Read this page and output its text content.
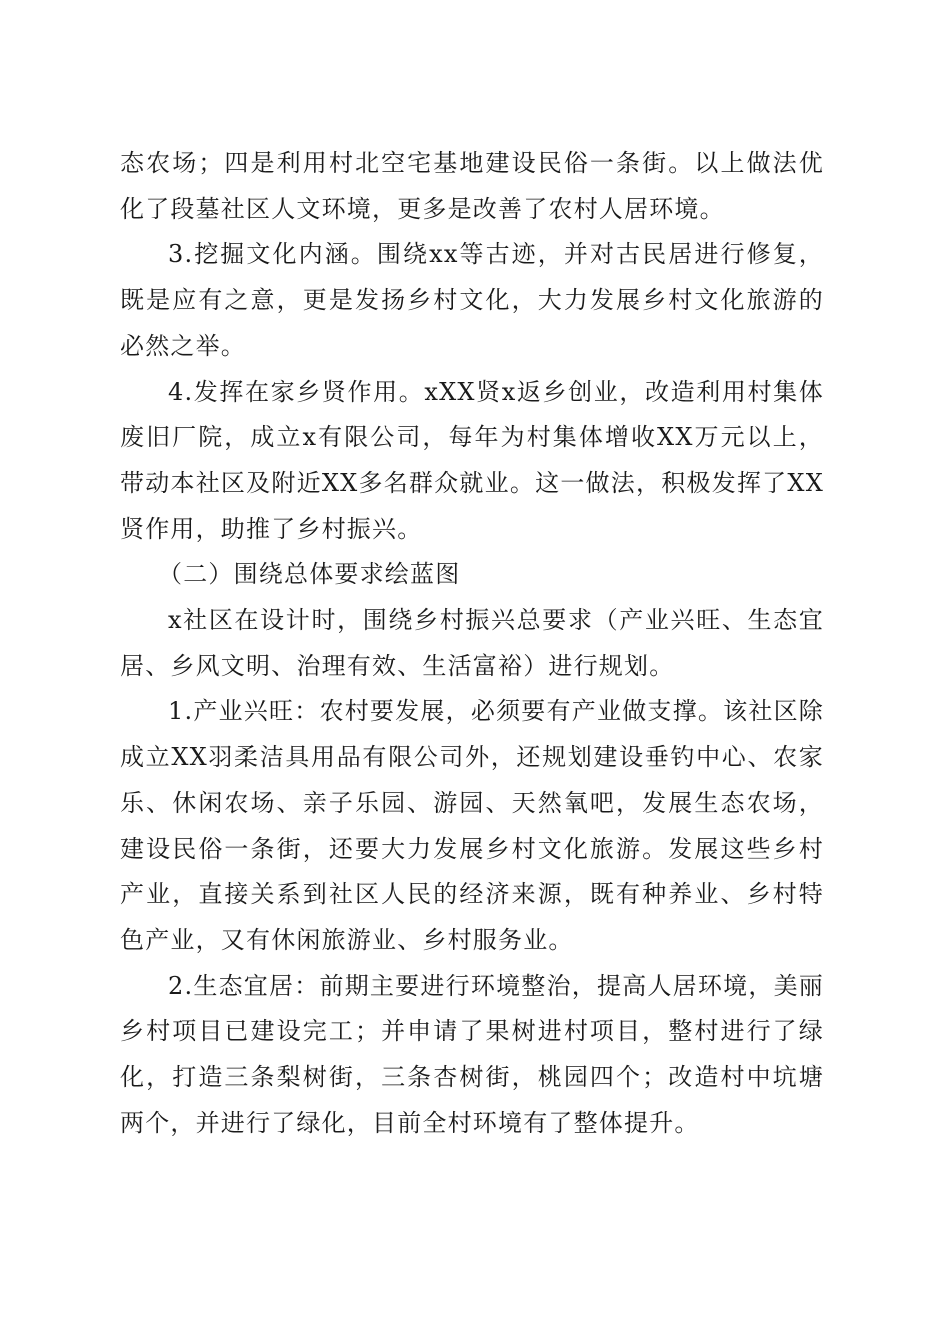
态农场；四是利用村北空宅基地建设民俗一条街。以上做法优化了段墓社区人文环境，更多是改善了农村人居环境。

3.挖掘文化内涵。围绕xx等古迹，并对古民居进行修复，既是应有之意，更是发扬乡村文化，大力发展乡村文化旅游的必然之举。

4.发挥在家乡贤作用。xXX贤x返乡创业，改造利用村集体废旧厂院，成立x有限公司，每年为村集体增收XX万元以上，带动本社区及附近XX多名群众就业。这一做法，积极发挥了XX贤作用，助推了乡村振兴。

（二）围绕总体要求绘蓝图

x社区在设计时，围绕乡村振兴总要求（产业兴旺、生态宜居、乡风文明、治理有效、生活富裕）进行规划。

1.产业兴旺：农村要发展，必须要有产业做支撑。该社区除成立XX羽柔洁具用品有限公司外，还规划建设垂钓中心、农家乐、休闲农场、亲子乐园、游园、天然氧吧，发展生态农场，建设民俗一条街，还要大力发展乡村文化旅游。发展这些乡村产业，直接关系到社区人民的经济来源，既有种养业、乡村特色产业，又有休闲旅游业、乡村服务业。

2.生态宜居：前期主要进行环境整治，提高人居环境，美丽乡村项目已建设完工；并申请了果树进村项目，整村进行了绿化，打造三条梨树街，三条杏树街，桃园四个；改造村中坑塘两个，并进行了绿化，目前全村环境有了整体提升。
